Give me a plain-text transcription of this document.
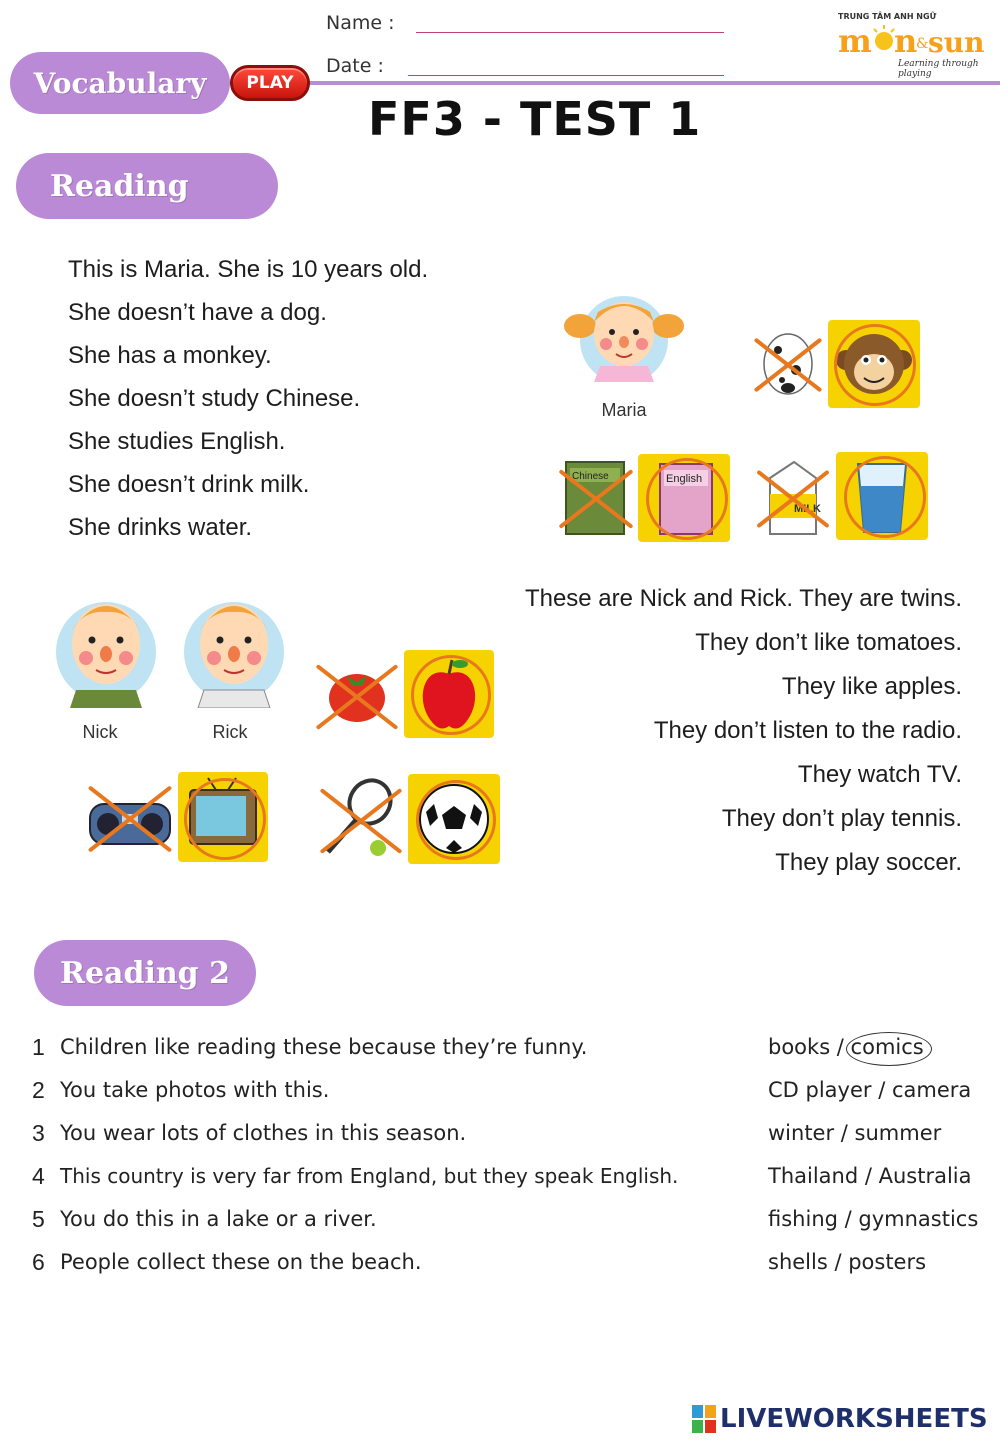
Name :
Date :
Vocabulary PLAY
FF3 - TEST 1
TRUNG TÂM ANH NGỮ
m n
& sun
Learning through playing
Reading
This is Maria. She is 10 years old.
She doesn’t have a dog.
She has a monkey.
She doesn’t study Chinese.
She studies English.
She doesn’t drink milk.
She drinks water.
Maria
Chinese	English
MILK
These are Nick and Rick. They are twins.
They don’t like tomatoes.
They like apples.
They don’t listen to the radio.
They watch TV.
They don’t play tennis.
They play soccer.
Nick	Rick
Reading 2
1 Children like reading these because they’re funny.	books / comics
2 You take photos with this.	CD player / camera
3 You wear lots of clothes in this season.	winter / summer
4 This country is very far from England, but they speak English.	Thailand / Australia
5 You do this in a lake or a river.	fishing / gymnastics
6 People collect these on the beach.	shells / posters
LIVEWORKSHEETS
